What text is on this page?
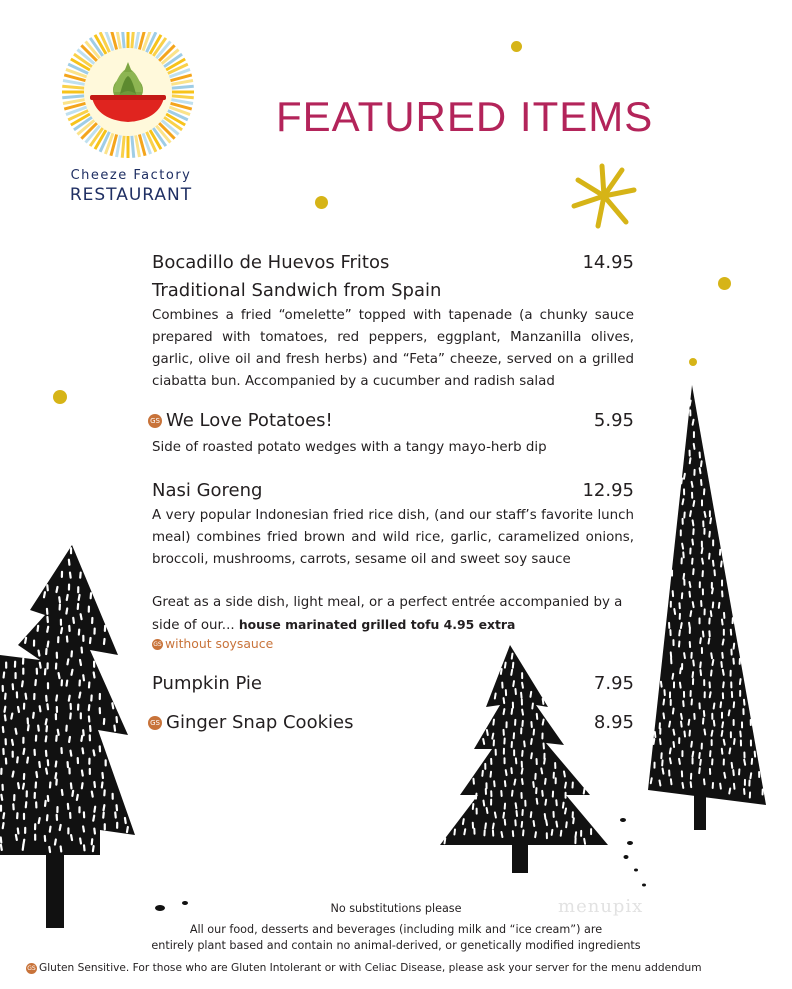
Cheeze Factory
RESTAURANT
FEATURED ITEMS
Bocadillo de Huevos Fritos	14.95
Traditional Sandwich from Spain
Combines a fried “omelette” topped with tapenade (a chunky sauce prepared with tomatoes, red peppers, eggplant, Manzanilla olives, garlic, olive oil and fresh herbs) and “Feta” cheeze, served on a grilled ciabatta bun. Accompanied by a cucumber and radish salad
GS We Love Potatoes!	5.95
Side of roasted potato wedges with a tangy mayo-herb dip
Nasi Goreng	12.95
A very popular Indonesian fried rice dish, (and our staff’s favorite lunch meal) combines fried brown and wild rice, garlic, caramelized onions, broccoli, mushrooms, carrots, sesame oil and sweet soy sauce
Great as a side dish, light meal, or a perfect entrée accompanied by a side of our... house marinated grilled tofu 4.95 extra
GS without soysauce
Pumpkin Pie	7.95
GS Ginger Snap Cookies	8.95
menupix
No substitutions please
All our food, desserts and beverages (including milk and “ice cream”) are
entirely plant based and contain no animal-derived, or genetically modified ingredients
GS Gluten Sensitive. For those who are Gluten Intolerant or with Celiac Disease, please ask your server for the menu addendum
